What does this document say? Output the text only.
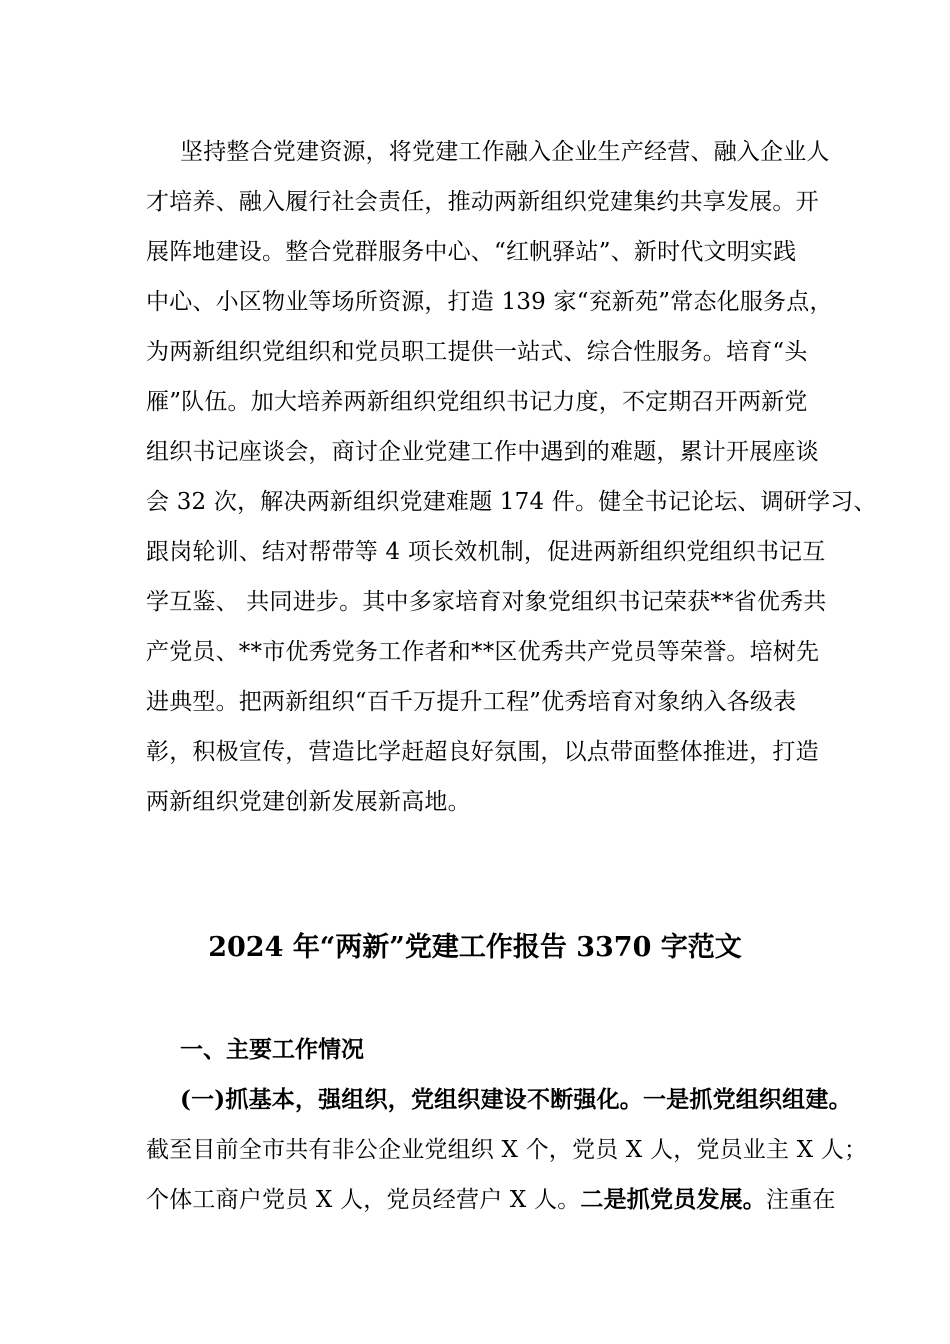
坚持整合党建资源，将党建工作融入企业生产经营、融入企业人
才培养、融入履行社会责任，推动两新组织党建集约共享发展。开
展阵地建设。整合党群服务中心、“红帆驿站”、新时代文明实践
中心、小区物业等场所资源，打造 139 家“兖新苑”常态化服务点，
为两新组织党组织和党员职工提供一站式、综合性服务。培育“头
雁”队伍。加大培养两新组织党组织书记力度，不定期召开两新党
组织书记座谈会，商讨企业党建工作中遇到的难题，累计开展座谈
会 32 次，解决两新组织党建难题 174 件。健全书记论坛、调研学习、
跟岗轮训、结对帮带等 4 项长效机制，促进两新组织党组织书记互
学互鉴、 共同进步。其中多家培育对象党组织书记荣获**省优秀共
产党员、**市优秀党务工作者和**区优秀共产党员等荣誉。培树先
进典型。把两新组织“百千万提升工程”优秀培育对象纳入各级表
彰，积极宣传，营造比学赶超良好氛围，以点带面整体推进，打造
两新组织党建创新发展新高地。
2024 年“两新”党建工作报告 3370 字范文
一、主要工作情况
(一)抓基本，强组织，党组织建设不断强化。一是抓党组织组建。
截至目前全市共有非公企业党组织 X 个，党员 X 人，党员业主 X 人；
个体工商户党员 X 人，党员经营户 X 人。二是抓党员发展。注重在
